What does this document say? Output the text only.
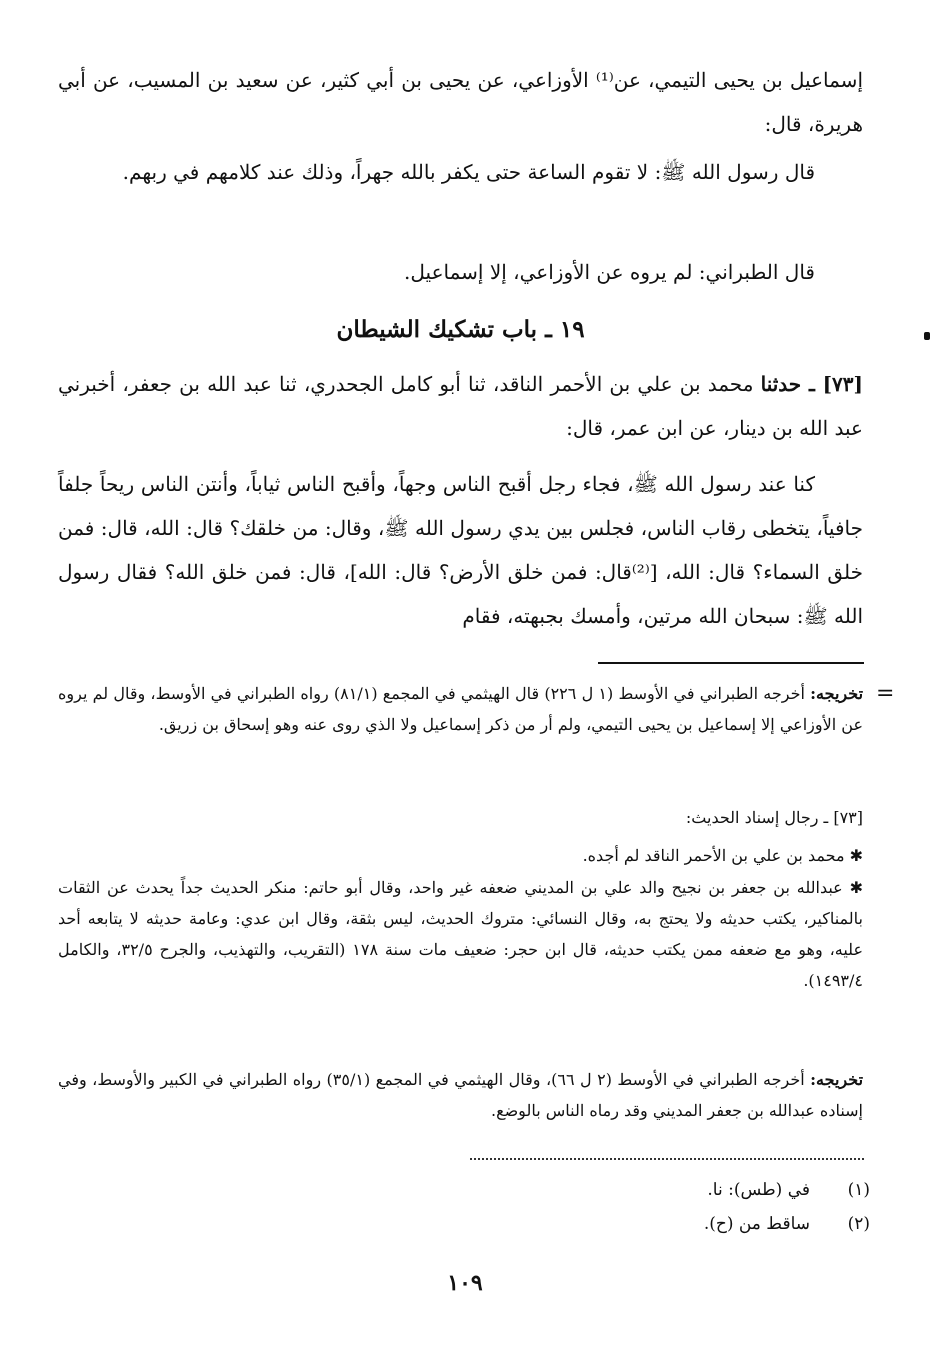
إسماعيل بن يحيى التيمي، عن⁽¹⁾ الأوزاعي، عن يحيى بن أبي كثير، عن سعيد بن المسيب، عن أبي هريرة، قال:

قال رسول الله ﷺ: لا تقوم الساعة حتى يكفر بالله جهراً، وذلك عند كلامهم في ربهم.

قال الطبراني: لم يروه عن الأوزاعي، إلا إسماعيل.

١٩ ـ باب تشكيك الشيطان

[٧٣] ـ حدثنا محمد بن علي بن الأحمر الناقد، ثنا أبو كامل الجحدري، ثنا عبد الله بن جعفر، أخبرني عبد الله بن دينار، عن ابن عمر، قال:

كنا عند رسول الله ﷺ، فجاء رجل أقبح الناس وجهاً، وأقبح الناس ثياباً، وأنتن الناس ريحاً جلفاً جافياً، يتخطى رقاب الناس، فجلس بين يدي رسول الله ﷺ، وقال: من خلقك؟ قال: الله، قال: فمن خلق السماء؟ قال: الله، [⁽²⁾قال: فمن خلق الأرض؟ قال: الله]، قال: فمن خلق الله؟ فقال رسول الله ﷺ: سبحان الله مرتين، وأمسك بجبهته، فقام

=

تخريجه: أخرجه الطبراني في الأوسط (١ ل ٢٢٦) قال الهيثمي في المجمع (٨١/١) رواه الطبراني في الأوسط، وقال لم يروه عن الأوزاعي إلا إسماعيل بن يحيى التيمي، ولم أر من ذكر إسماعيل ولا الذي روى عنه وهو إسحاق بن زريق.

[٧٣] ـ رجال إسناد الحديث:

✱ محمد بن علي بن الأحمر الناقد لم أجده.

✱ عبدالله بن جعفر بن نجيح والد علي بن المديني ضعفه غير واحد، وقال أبو حاتم: منكر الحديث جداً يحدث عن الثقات بالمناكير، يكتب حديثه ولا يحتج به، وقال النسائي: متروك الحديث، ليس بثقة، وقال ابن عدي: وعامة حديثه لا يتابعه أحد عليه، وهو مع ضعفه ممن يكتب حديثه، قال ابن حجر: ضعيف مات سنة ١٧٨ (التقريب، والتهذيب، والجرح ٣٢/٥، والكامل ١٤٩٣/٤).

تخريجه: أخرجه الطبراني في الأوسط (٢ ل ٦٦)، وقال الهيثمي في المجمع (٣٥/١) رواه الطبراني في الكبير والأوسط، وفي إسناده عبدالله بن جعفر المديني وقد رماه الناس بالوضع.

(١)
في (طس): نا.
(٢)
ساقط من (ح).
١٠٩
